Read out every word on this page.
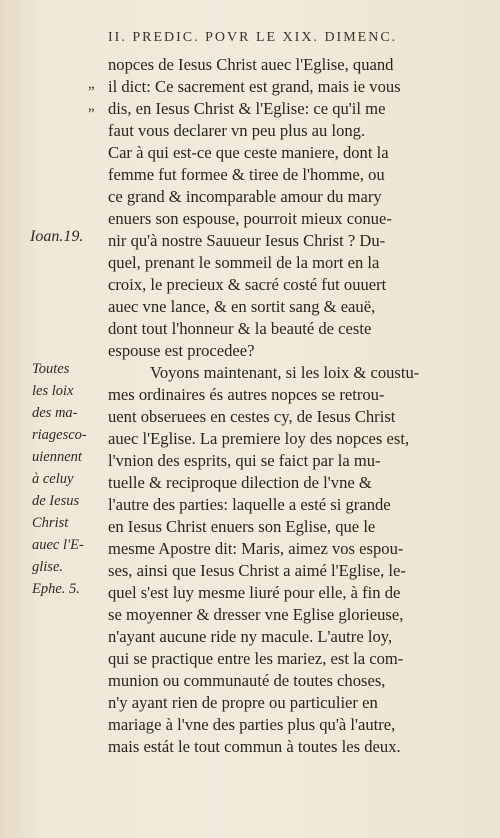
II. PREDIC. POVR LE XIX. DIMENC.
„
„
Ioan.19.
Toutes
les loix
des ma-
riagesco-
uiennent
à celuy
de Iesus
Christ
auec l'E-
glise.
Ephe. 5.
nopces de Iesus Christ auec l'Eglise, quand
il dict: Ce sacrement est grand, mais ie vous
dis, en Iesus Christ & l'Eglise: ce qu'il me
faut vous declarer vn peu plus au long.
Car à qui est-ce que ceste maniere, dont la
femme fut formee & tiree de l'homme, ou
ce grand & incomparable amour du mary
enuers son espouse, pourroit mieux conue-
nir qu'à nostre Sauueur Iesus Christ ? Du-
quel, prenant le sommeil de la mort en la
croix, le precieux & sacré costé fut ouuert
auec vne lance, & en sortit sang & eauë,
dont tout l'honneur & la beauté de ceste
espouse est procedee?
Voyons maintenant, si les loix & coustu-
mes ordinaires és autres nopces se retrou-
uent obseruees en cestes cy, de Iesus Christ
auec l'Eglise. La premiere loy des nopces est,
l'vnion des esprits, qui se faict par la mu-
tuelle & reciproque dilection de l'vne &
l'autre des parties: laquelle a esté si grande
en Iesus Christ enuers son Eglise, que le
mesme Apostre dit: Maris, aimez vos espou-
ses, ainsi que Iesus Christ a aimé l'Eglise, le-
quel s'est luy mesme liuré pour elle, à fin de
se moyenner & dresser vne Eglise glorieuse,
n'ayant aucune ride ny macule. L'autre loy,
qui se practique entre les mariez, est la com-
munion ou communauté de toutes choses,
n'y ayant rien de propre ou particulier en
mariage à l'vne des parties plus qu'à l'autre,
mais estát le tout commun à toutes les deux.
